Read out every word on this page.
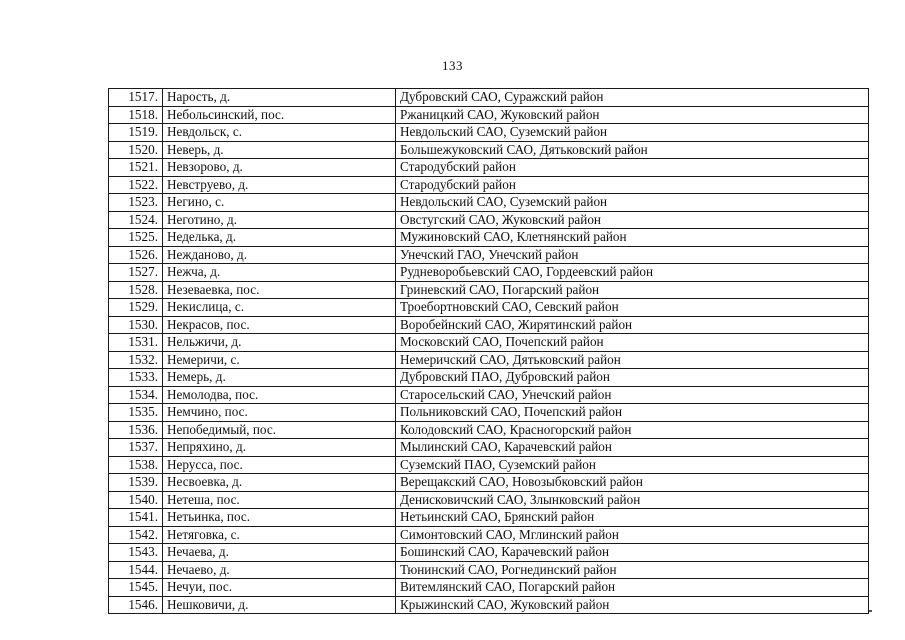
133
1517.	Нарость, д.	Дубровский САО, Суражский район
1518.	Небольсинский, пос.	Ржаницкий САО, Жуковский район
1519.	Невдольск, с.	Невдольский САО, Суземский район
1520.	Неверь, д.	Большежуковский САО, Дятьковский район
1521.	Невзорово, д.	Стародубский район
1522.	Невструево, д.	Стародубский район
1523.	Негино, с.	Невдольский САО, Суземский район
1524.	Неготино, д.	Овстугский САО, Жуковский район
1525.	Неделька, д.	Мужиновский САО, Клетнянский район
1526.	Нежданово, д.	Унечский ГАО, Унечский район
1527.	Нежча, д.	Рудневоробьевский САО, Гордеевский район
1528.	Незеваевка, пос.	Гриневский САО, Погарский район
1529.	Некислица, с.	Троебортновский САО, Севский район
1530.	Некрасов, пос.	Воробейнский САО, Жирятинский район
1531.	Нельжичи, д.	Московский САО, Почепский район
1532.	Немеричи, с.	Немеричский САО, Дятьковский район
1533.	Немерь, д.	Дубровский ПАО, Дубровский район
1534.	Немолодва, пос.	Старосельский САО, Унечский район
1535.	Немчино, пос.	Польниковский САО, Почепский район
1536.	Непобедимый, пос.	Колодовский САО, Красногорский район
1537.	Непряхино, д.	Мылинский САО, Карачевский район
1538.	Нерусса, пос.	Суземский ПАО, Суземский район
1539.	Несвоевка, д.	Верещакский САО, Новозыбковский район
1540.	Нетеша, пос.	Денисковичский САО, Злынковский район
1541.	Нетьинка, пос.	Нетьинский САО, Брянский район
1542.	Нетяговка, с.	Симонтовский САО, Мглинский район
1543.	Нечаева, д.	Бошинский САО, Карачевский район
1544.	Нечаево, д.	Тюнинский САО, Рогнединский район
1545.	Нечуи, пос.	Витемлянский САО, Погарский район
1546.	Нешковичи, д.	Крыжинский САО, Жуковский район
